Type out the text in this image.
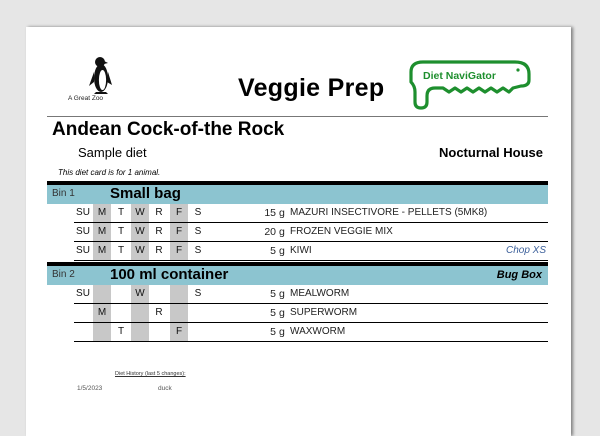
A Great Zoo	Veggie Prep	Diet NaviGator
Andean Cock-of-the Rock
Sample diet	Nocturnal House
This diet card is for 1 animal.
Bin 1 Small bag
SU M	T	W	R	F	S	15 g MAZURI INSECTIVORE - PELLETS (5MK8)
SU M	T	W	R	F	S	20 g FROZEN VEGGIE MIX
SU M	T	W	R	F	S	5 g KIWI	Chop XS
Bin 2 100 ml container	Bug Box
SU	W	S	5 g MEALWORM
M	R	5 g SUPERWORM
T	F	5 g WAXWORM
Diet History (last 5 changes):
1/5/2023	duck
